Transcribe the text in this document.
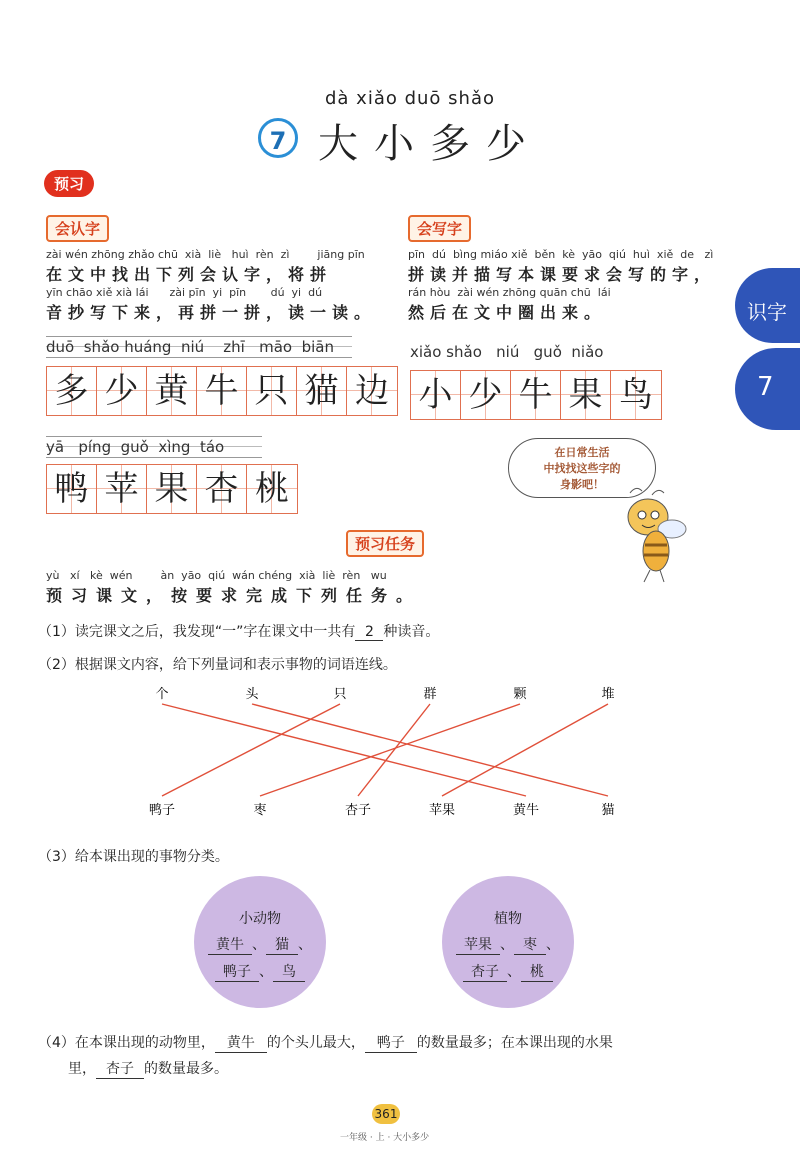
dà xiǎo duō shǎo
7 大小多少
识字
7
预习
会认字
zài wén zhōng zhǎo chū  xià  liè   huì  rèn  zì        jiāng pīn
在文中找出下列会认字，将拼
yīn chāo xiě xià lái      zài pīn  yi  pīn       dú  yi  dú
音抄写下来，再拼一拼，读一读。
duō  shǎo huáng  niú    zhī   māo  biān
多 少 黄 牛 只 猫 边
yā   píng  guǒ  xìng  táo
鸭 苹 果 杏 桃
会写字
pīn  dú  bìng miáo xiě  běn  kè  yāo  qiú  huì  xiě  de   zì
拼读并描写本课要求会写的字，
rán hòu  zài wén zhōng quān chū  lái
然后在文中圈出来。
xiǎo shǎo   niú   guǒ  niǎo
小 少 牛 果 鸟
在日常生活
中找找这些字的
身影吧！
预习任务
yù   xí   kè  wén        àn  yāo  qiú  wán chéng  xià  liè  rèn   wu
预习课文，按要求完成下列任务。
（1）读完课文之后，我发现“一”字在课文中一共有 2 种读音。
（2）根据课文内容，给下列量词和表示事物的词语连线。
个	头	只	群	颗	堆
鸭子	枣	杏子	苹果	黄牛	猫
（3）给本课出现的事物分类。
小动物
黄牛 、 猫 、
鸭子 、 鸟
植物
苹果 、 枣 、
杏子 、 桃
（4）在本课出现的动物里， 黄牛 的个头儿最大， 鸭子 的数量最多；在本课出现的水果
里， 杏子 的数量最多。
361
一年级 · 上 · 大小多少
